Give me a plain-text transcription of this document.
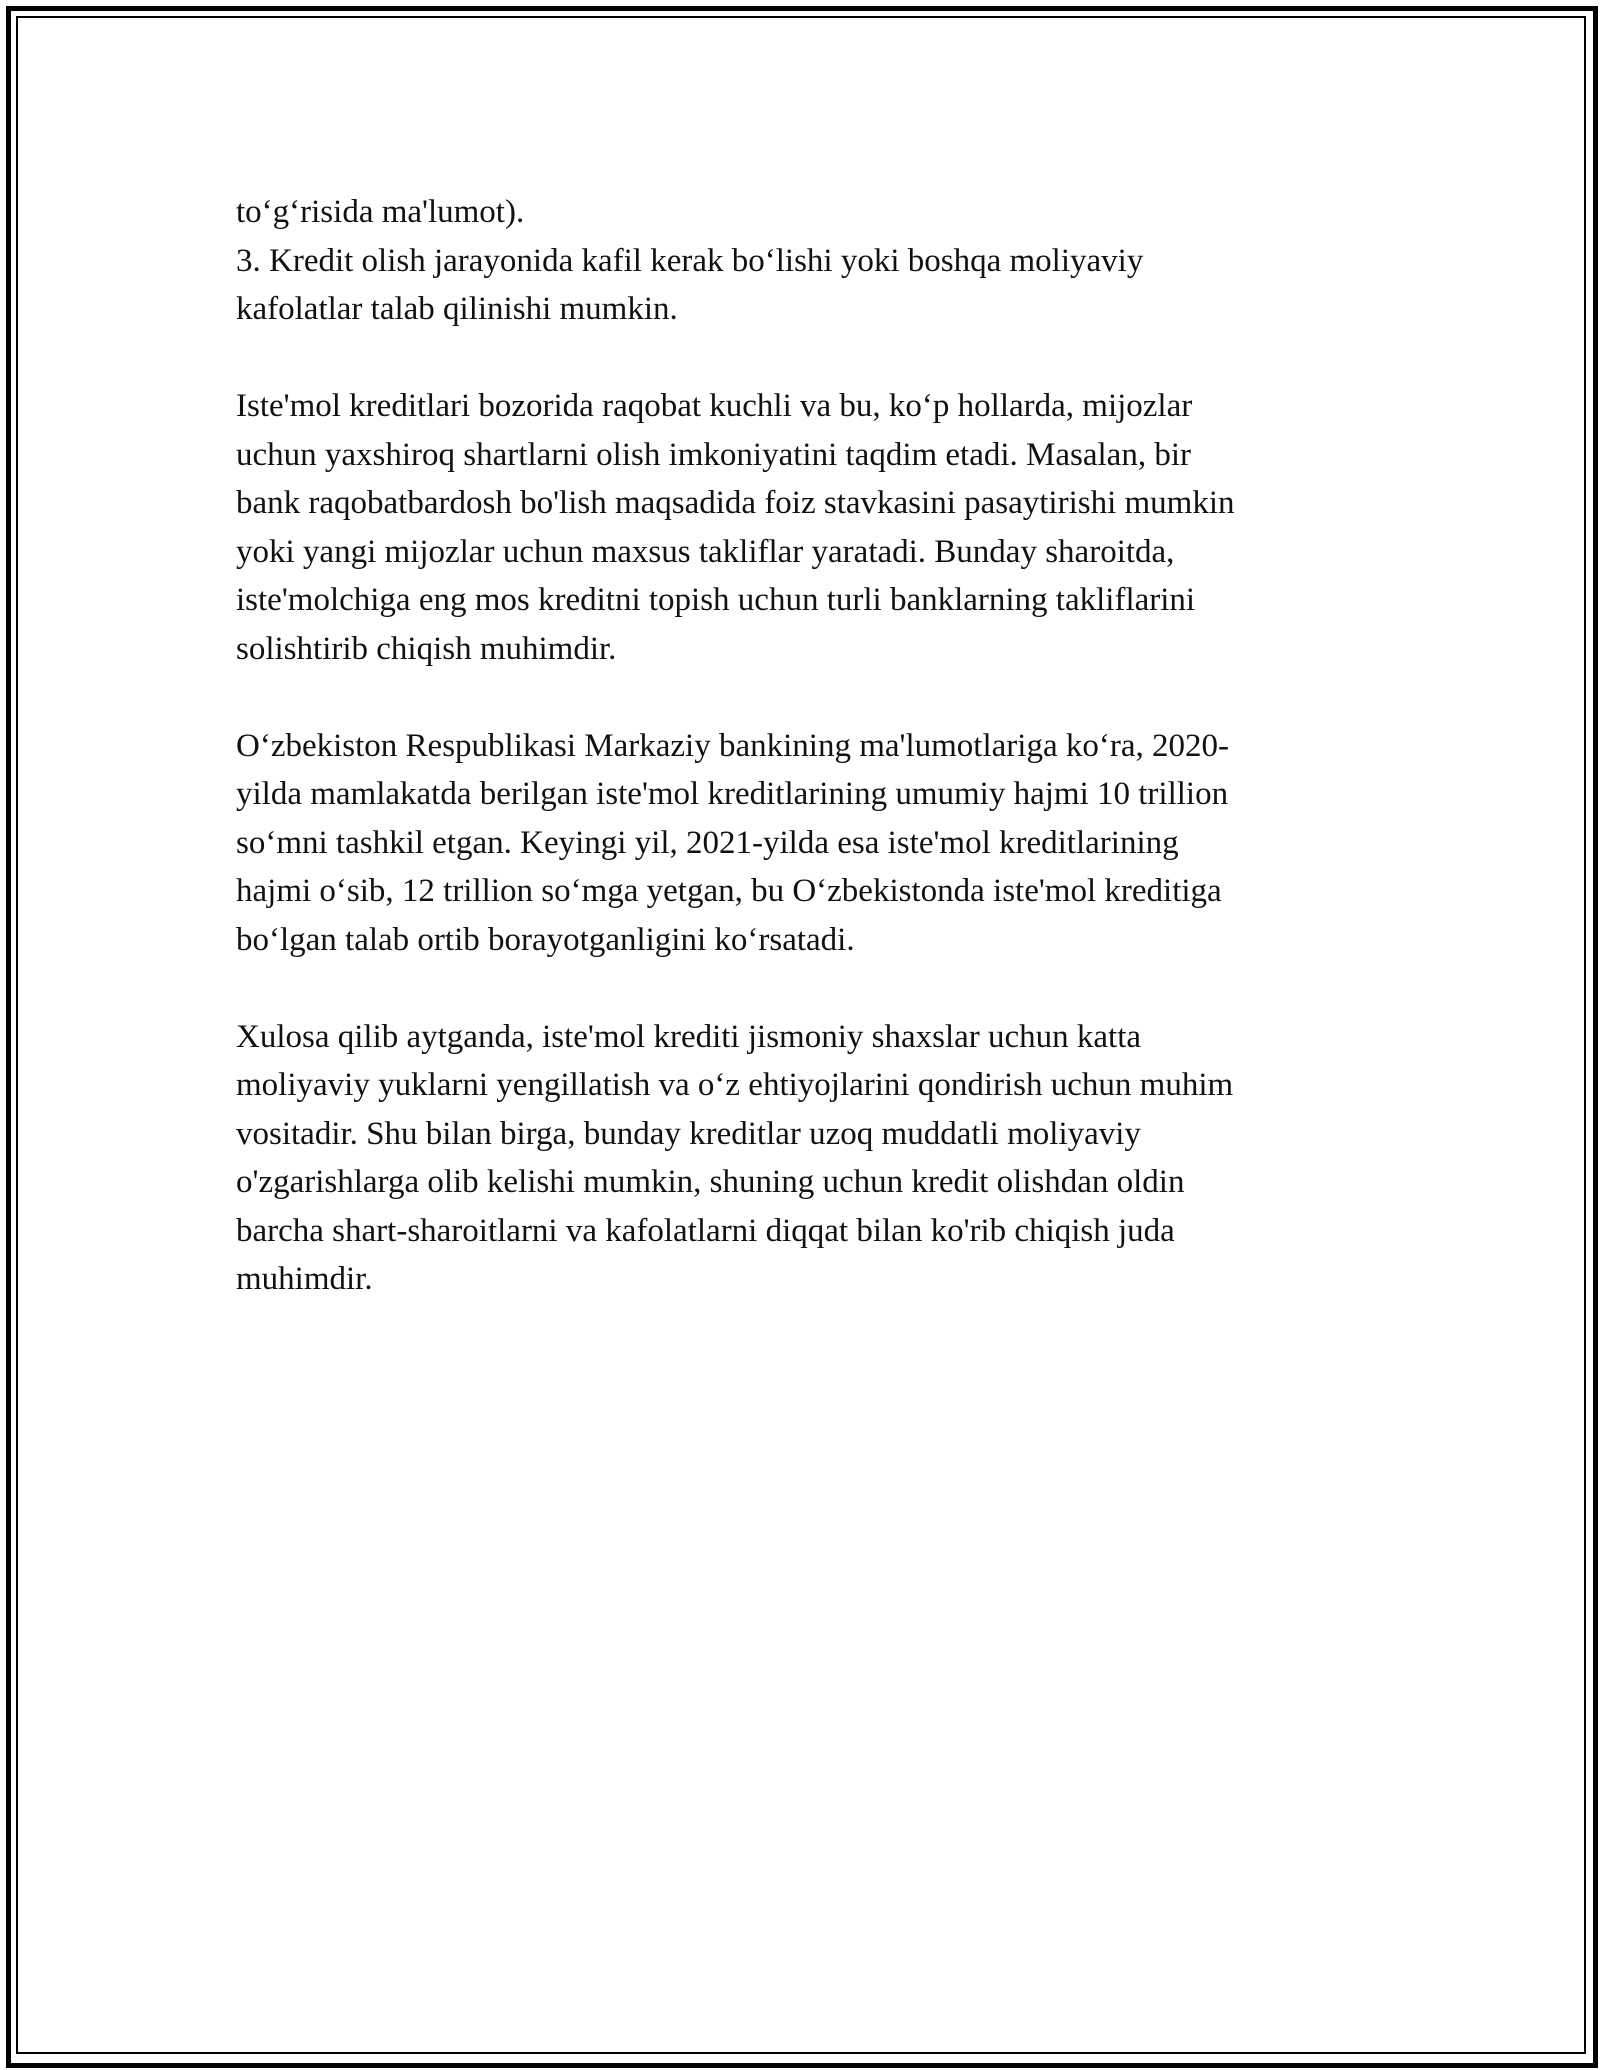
to‘g‘risida ma'lumot).
3. Kredit olish jarayonida kafil kerak bo‘lishi yoki boshqa moliyaviy
kafolatlar talab qilinishi mumkin.
Iste'mol kreditlari bozorida raqobat kuchli va bu, ko‘p hollarda, mijozlar
uchun yaxshiroq shartlarni olish imkoniyatini taqdim etadi. Masalan, bir
bank raqobatbardosh bo'lish maqsadida foiz stavkasini pasaytirishi mumkin
yoki yangi mijozlar uchun maxsus takliflar yaratadi. Bunday sharoitda,
iste'molchiga eng mos kreditni topish uchun turli banklarning takliflarini
solishtirib chiqish muhimdir.
O‘zbekiston Respublikasi Markaziy bankining ma'lumotlariga ko‘ra, 2020-
yilda mamlakatda berilgan iste'mol kreditlarining umumiy hajmi 10 trillion
so‘mni tashkil etgan. Keyingi yil, 2021-yilda esa iste'mol kreditlarining
hajmi o‘sib, 12 trillion so‘mga yetgan, bu O‘zbekistonda iste'mol kreditiga
bo‘lgan talab ortib borayotganligini ko‘rsatadi.
Xulosa qilib aytganda, iste'mol krediti jismoniy shaxslar uchun katta
moliyaviy yuklarni yengillatish va o‘z ehtiyojlarini qondirish uchun muhim
vositadir. Shu bilan birga, bunday kreditlar uzoq muddatli moliyaviy
o'zgarishlarga olib kelishi mumkin, shuning uchun kredit olishdan oldin
barcha shart-sharoitlarni va kafolatlarni diqqat bilan ko'rib chiqish juda
muhimdir.
